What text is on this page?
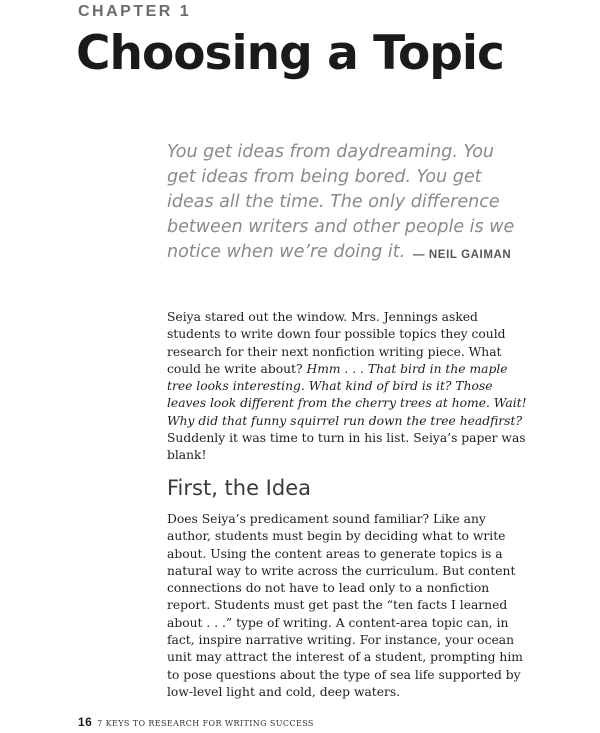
CHAPTER 1
Choosing a Topic

You get ideas from daydreaming. You get ideas from being bored. You get ideas all the time. The only difference between writers and other people is we notice when we’re doing it. — NEIL GAIMAN

Seiya stared out the window. Mrs. Jennings asked students to write down four possible topics they could research for their next nonfiction writing piece. What could he write about? Hmm . . . That bird in the maple tree looks interesting. What kind of bird is it? Those leaves look different from the cherry trees at home. Wait! Why did that funny squirrel run down the tree headfirst? Suddenly it was time to turn in his list. Seiya’s paper was blank!

First, the Idea

Does Seiya’s predicament sound familiar? Like any author, students must begin by deciding what to write about. Using the content areas to generate topics is a natural way to write across the curriculum. But content connections do not have to lead only to a nonfiction report. Students must get past the “ten facts I learned about . . .” type of writing. A content-area topic can, in fact, inspire narrative writing. For instance, your ocean unit may attract the interest of a student, prompting him to pose questions about the type of sea life supported by low-level light and cold, deep waters.

16 7 KEYS TO RESEARCH FOR WRITING SUCCESS
